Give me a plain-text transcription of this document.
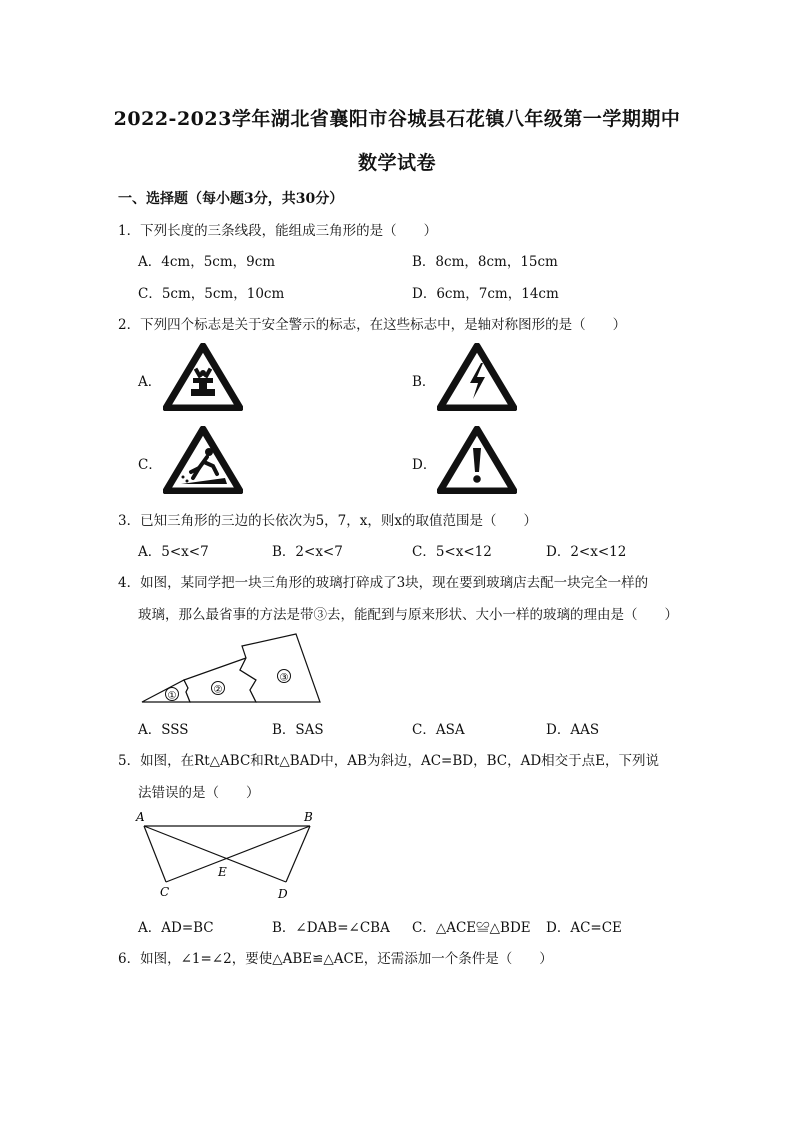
2022-2023学年湖北省襄阳市谷城县石花镇八年级第一学期期中
数学试卷
一、选择题（每小题3分，共30分）
1．下列长度的三条线段，能组成三角形的是（　　）
A．4cm，5cm，9cm	B．8cm，8cm，15cm
C．5cm，5cm，10cm	D．6cm，7cm，14cm
2．下列四个标志是关于安全警示的标志，在这些标志中，是轴对称图形的是（　　）
A．	B．
C．	D．
3．已知三角形的三边的长依次为5，7，x，则x的取值范围是（　　）
A．5<x<7	B．2<x<7	C．5<x<12	D．2<x<12
4．如图，某同学把一块三角形的玻璃打碎成了3块，现在要到玻璃店去配一块完全一样的
玻璃，那么最省事的方法是带③去，能配到与原来形状、大小一样的玻璃的理由是（　　）
①
②
③
A．SSS	B．SAS	C．ASA	D．AAS
5．如图，在Rt△ABC和Rt△BAD中，AB为斜边，AC=BD，BC，AD相交于点E，下列说
法错误的是（　　）
A	B
C	D
E
A．AD=BC	B．∠DAB=∠CBA C．△ACE≌△BDE D．AC=CE
6．如图，∠1=∠2，要使△ABE≌△ACE，还需添加一个条件是（　　）
